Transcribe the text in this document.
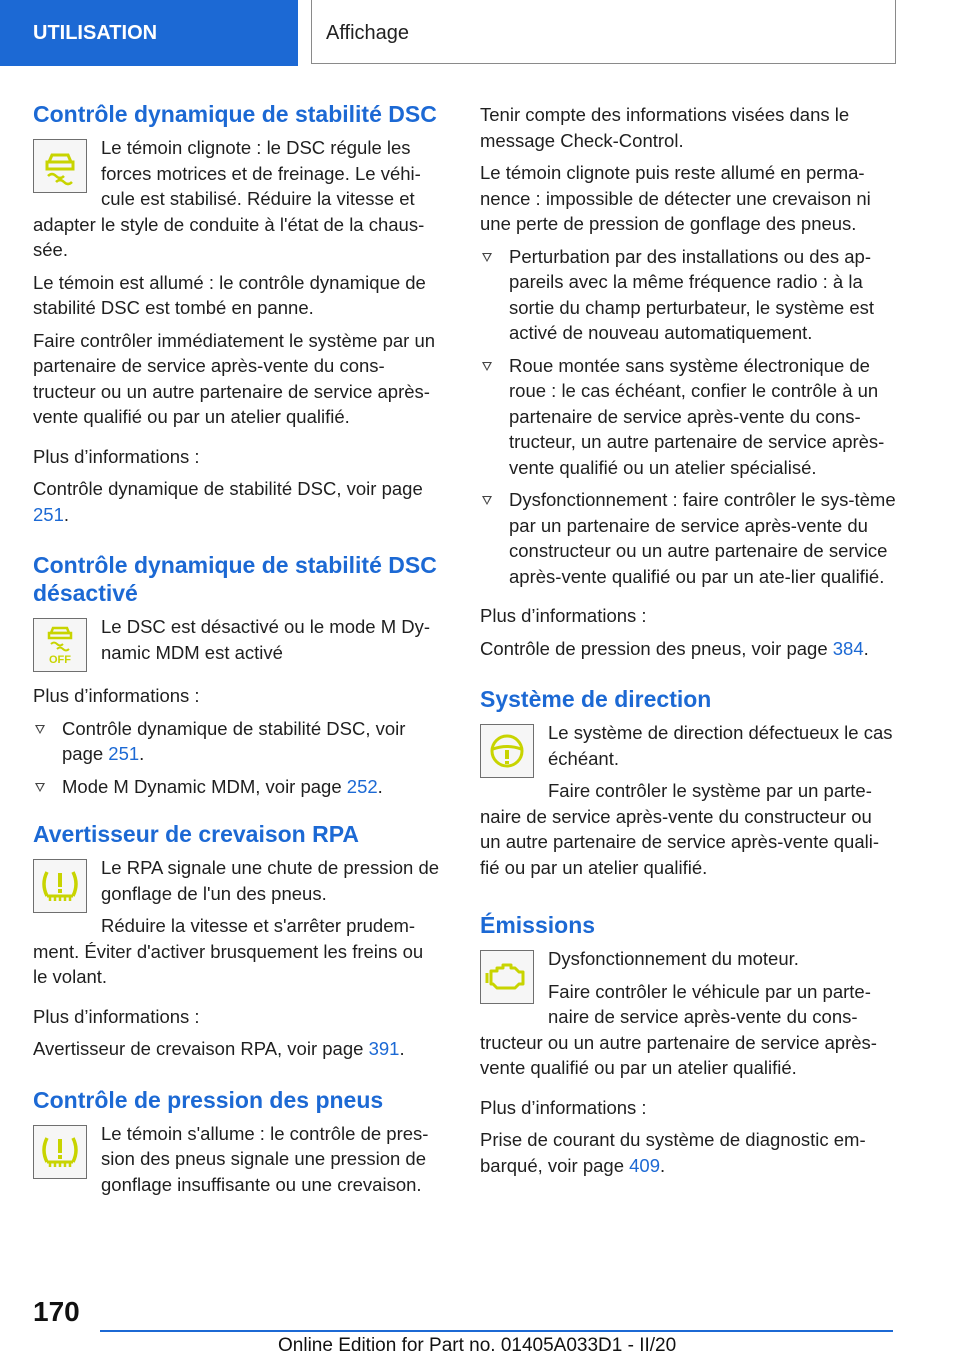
UTILISATION	Affichage
Contrôle dynamique de stabilité DSC

Le témoin clignote : le DSC régule les forces motrices et de freinage. Le véhi-cule est stabilisé. Réduire la vitesse et adapter le style de conduite à l'état de la chaus-sée.

Le témoin est allumé : le contrôle dynamique de stabilité DSC est tombé en panne.

Faire contrôler immédiatement le système par un partenaire de service après-vente du cons-tructeur ou un autre partenaire de service après-vente qualifié ou par un atelier qualifié.

Plus d’informations :

Contrôle dynamique de stabilité DSC, voir page 251.

Contrôle dynamique de stabilité DSC désactivé
OFF

Le DSC est désactivé ou le mode M Dy-namic MDM est activé

Plus d’informations :

Contrôle dynamique de stabilité DSC, voir page 251.
Mode M Dynamic MDM, voir page 252.
Avertisseur de crevaison RPA

Le RPA signale une chute de pression de gonflage de l'un des pneus.

Réduire la vitesse et s'arrêter prudem-ment. Éviter d'activer brusquement les freins ou le volant.

Plus d’informations :

Avertisseur de crevaison RPA, voir page 391.

Contrôle de pression des pneus

Le témoin s'allume : le contrôle de pres-sion des pneus signale une pression de gonflage insuffisante ou une crevaison.

Tenir compte des informations visées dans le message Check-Control.

Le témoin clignote puis reste allumé en perma-nence : impossible de détecter une crevaison ni une perte de pression de gonflage des pneus.

Perturbation par des installations ou des ap-pareils avec la même fréquence radio : à la sortie du champ perturbateur, le système est activé de nouveau automatiquement.
Roue montée sans système électronique de roue : le cas échéant, confier le contrôle à un partenaire de service après-vente du cons-tructeur, un autre partenaire de service après-vente qualifié ou un atelier spécialisé.
Dysfonctionnement : faire contrôler le sys-tème par un partenaire de service après-vente du constructeur ou un autre partenaire de service après-vente qualifié ou par un ate-lier qualifié.

Plus d’informations :

Contrôle de pression des pneus, voir page 384.

Système de direction

Le système de direction défectueux le cas échéant.

Faire contrôler le système par un parte-naire de service après-vente du constructeur ou un autre partenaire de service après-vente quali-fié ou par un atelier qualifié.

Émissions

Dysfonctionnement du moteur.

Faire contrôler le véhicule par un parte-naire de service après-vente du cons-tructeur ou un autre partenaire de service après-vente qualifié ou par un atelier qualifié.

Plus d’informations :

Prise de courant du système de diagnostic em-barqué, voir page 409.

170
Online Edition for Part no. 01405A033D1 - II/20
